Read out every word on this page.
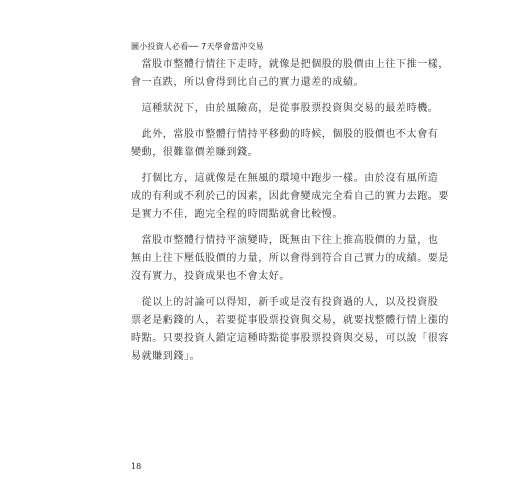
圖小投資人必看── 7天學會當沖交易
　當股市整體行情往下走時，就像是把個股的股價由上往下推一樣，
會一直跌，所以會得到比自己的實力還差的成績。
　這種狀況下，由於風險高，是從事股票投資與交易的最差時機。
　此外，當股市整體行情持平移動的時候，個股的股價也不太會有
變動，很難靠價差賺到錢。
　打個比方，這就像是在無風的環境中跑步一樣。由於沒有風所造
成的有利或不利於己的因素，因此會變成完全看自己的實力去跑。要
是實力不佳，跑完全程的時間點就會比較慢。
　當股市整體行情持平演變時，既無由下往上推高股價的力量，也
無由上往下壓低股價的力量，所以會得到符合自己實力的成績。要是
沒有實力，投資成果也不會太好。
　從以上的討論可以得知，新手或是沒有投資過的人，以及投資股
票老是虧錢的人，若要從事股票投資與交易，就要找整體行情上漲的
時點。只要投資人鎖定這種時點從事股票投資與交易，可以說「很容
易就賺到錢」。
18
